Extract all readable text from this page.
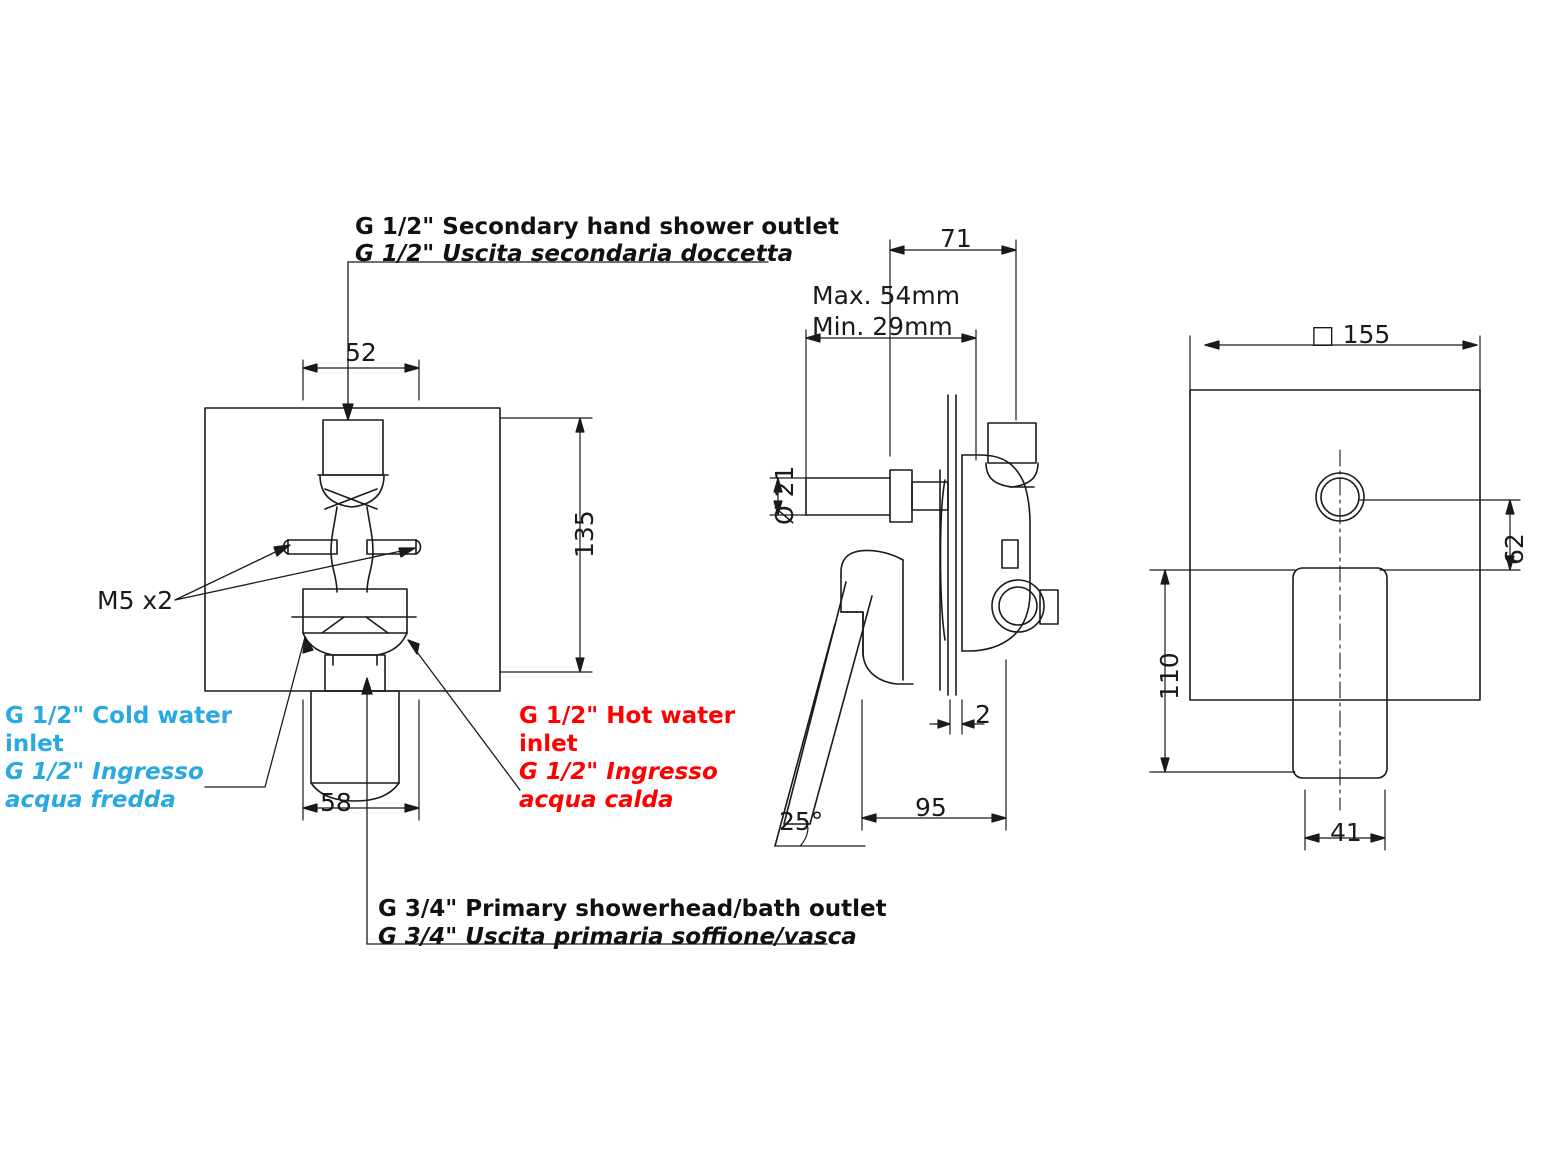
G 1/2" Secondary hand shower outlet
G 1/2" Uscita secondaria doccetta
G 3/4" Primary showerhead/bath outlet
G 3/4" Uscita primaria soffione/vasca
G 1/2" Cold water
inlet
G 1/2" Ingresso
acqua fredda
G 1/2" Hot water
inlet
G 1/2" Ingresso
acqua calda
M5 x2
52
135
58
71
Max. 54mm
Min. 29mm
Ø 21
2
95
25°
□ 155
62
110
41
